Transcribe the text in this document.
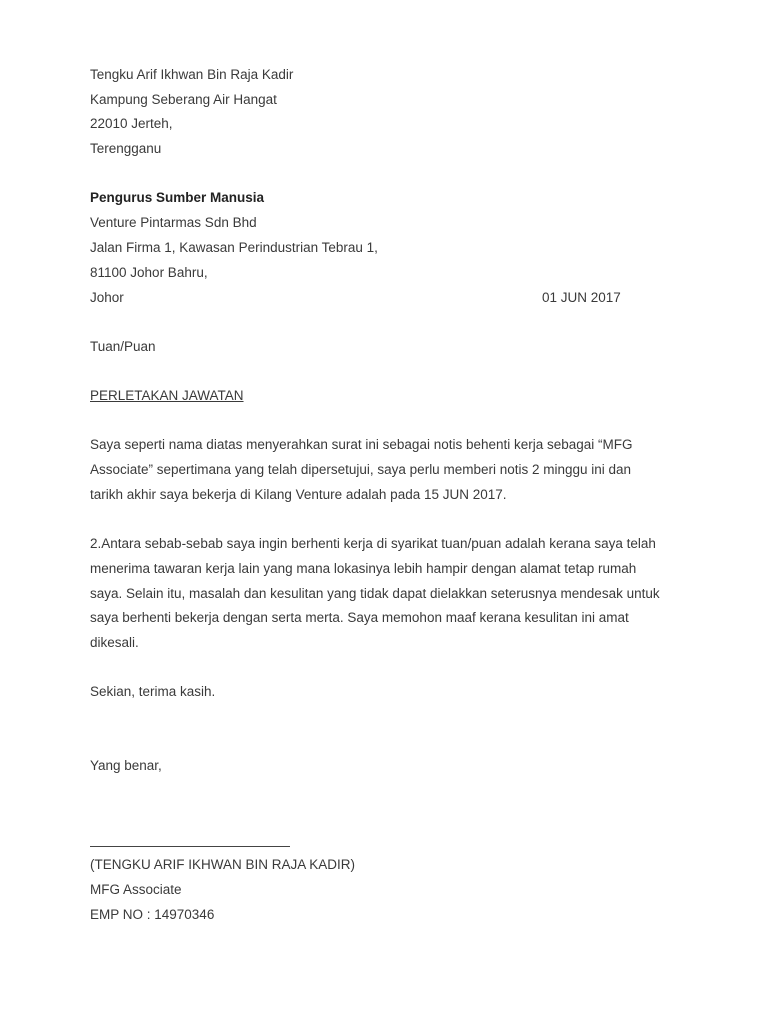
Tengku Arif Ikhwan Bin Raja Kadir
Kampung Seberang Air Hangat
22010 Jerteh,
Terengganu
Pengurus Sumber Manusia
Venture Pintarmas Sdn Bhd
Jalan Firma 1, Kawasan Perindustrian Tebrau 1,
81100 Johor Bahru,
Johor	01 JUN 2017
Tuan/Puan
PERLETAKAN JAWATAN
Saya seperti nama diatas menyerahkan surat ini sebagai notis behenti kerja sebagai “MFG
Associate” sepertimana yang telah dipersetujui, saya perlu memberi notis 2 minggu ini dan
tarikh akhir saya bekerja di Kilang Venture adalah pada 15 JUN 2017.
2.Antara sebab-sebab saya ingin berhenti kerja di syarikat tuan/puan adalah kerana saya telah
menerima tawaran kerja lain yang mana lokasinya lebih hampir dengan alamat tetap rumah
saya. Selain itu, masalah dan kesulitan yang tidak dapat dielakkan seterusnya mendesak untuk
saya berhenti bekerja dengan serta merta. Saya memohon maaf kerana kesulitan ini amat
dikesali.
Sekian, terima kasih.
Yang benar,
(TENGKU ARIF IKHWAN BIN RAJA KADIR)
MFG Associate
EMP NO : 14970346
